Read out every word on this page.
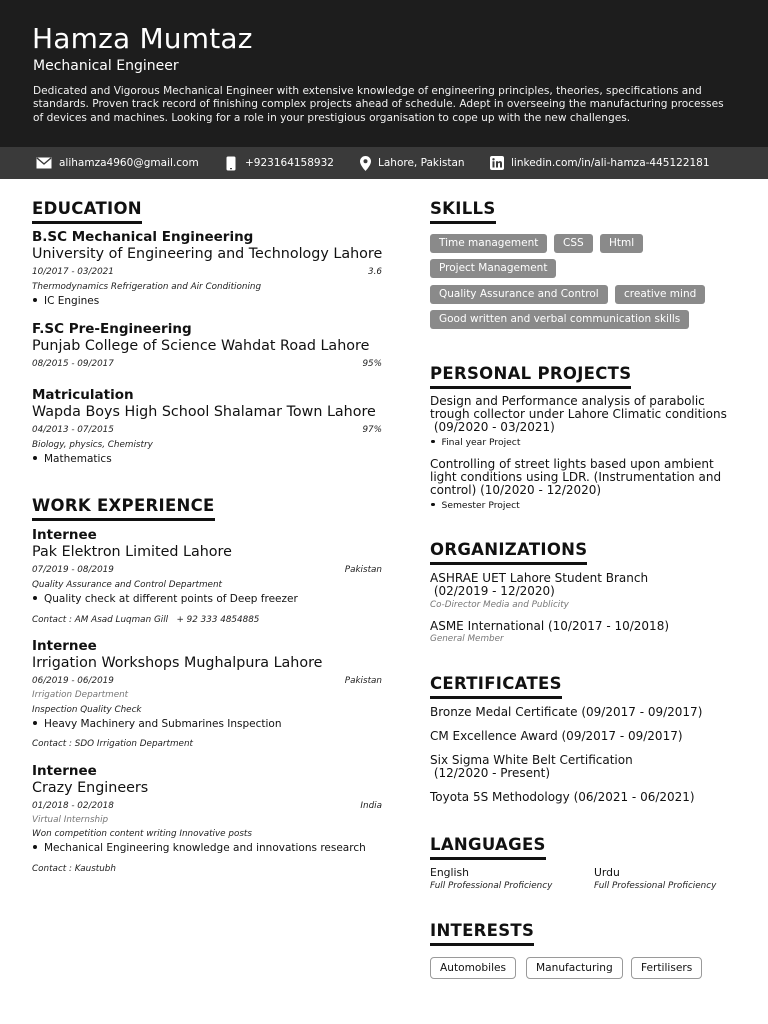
Hamza Mumtaz
Mechanical Engineer
Dedicated and Vigorous Mechanical Engineer with extensive knowledge of engineering principles, theories, specifications and standards. Proven track record of finishing complex projects ahead of schedule. Adept in overseeing the manufacturing processes of devices and machines. Looking for a role in your prestigious organisation to cope up with the new challenges.
alihamza4960@gmail.com	+923164158932	Lahore, Pakistan	linkedin.com/in/ali-hamza-445122181
EDUCATION
B.SC Mechanical Engineering
University of Engineering and Technology Lahore
10/2017 - 03/2021	3.6
Thermodynamics Refrigeration and Air Conditioning
IC Engines
F.SC Pre-Engineering
Punjab College of Science Wahdat Road Lahore
08/2015 - 09/2017	95%
Matriculation
Wapda Boys High School Shalamar Town Lahore
04/2013 - 07/2015	97%
Biology, physics, Chemistry
Mathematics
WORK EXPERIENCE
Internee
Pak Elektron Limited Lahore
07/2019 - 08/2019	Pakistan
Quality Assurance and Control Department
Quality check at different points of Deep freezer
Contact : AM Asad Luqman Gill   + 92 333 4854885
Internee
Irrigation Workshops Mughalpura Lahore
06/2019 - 06/2019	Pakistan
Irrigation Department
Inspection Quality Check
Heavy Machinery and Submarines Inspection
Contact : SDO Irrigation Department
Internee
Crazy Engineers
01/2018 - 02/2018	India
Virtual Internship
Won competition content writing Innovative posts
Mechanical Engineering knowledge and innovations research
Contact : Kaustubh
SKILLS
Time management	CSS	Html
Project Management
Quality Assurance and Control	creative mind
Good written and verbal communication skills
PERSONAL PROJECTS
Design and Performance analysis of parabolic
trough collector under Lahore Climatic conditions
(09/2020 - 03/2021)
Final year Project
Controlling of street lights based upon ambient
light conditions using LDR. (Instrumentation and
control) (10/2020 - 12/2020)
Semester Project
ORGANIZATIONS
ASHRAE UET Lahore Student Branch
(02/2019 - 12/2020)
Co-Director Media and Publicity
ASME International (10/2017 - 10/2018)
General Member
CERTIFICATES
Bronze Medal Certificate (09/2017 - 09/2017)
CM Excellence Award (09/2017 - 09/2017)
Six Sigma White Belt Certification
(12/2020 - Present)
Toyota 5S Methodology (06/2021 - 06/2021)
LANGUAGES
English
Full Professional Proficiency
Urdu
Full Professional Proficiency
INTERESTS
Automobiles	Manufacturing	Fertilisers
